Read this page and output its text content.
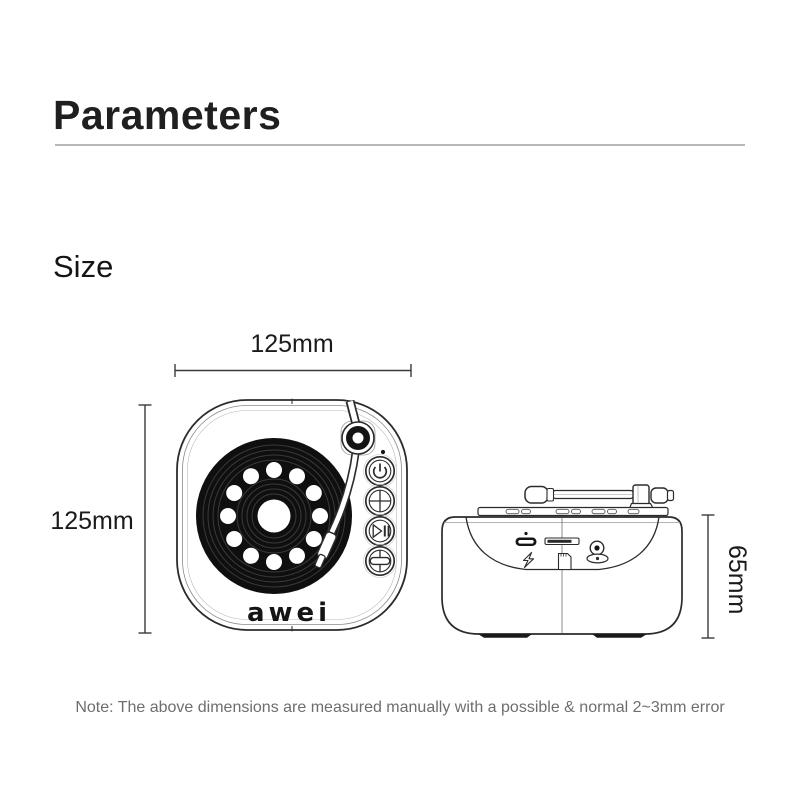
Parameters
Size
125mm
125mm
65mm
awei
Note: The above dimensions are measured manually with a possible & normal 2~3mm error
